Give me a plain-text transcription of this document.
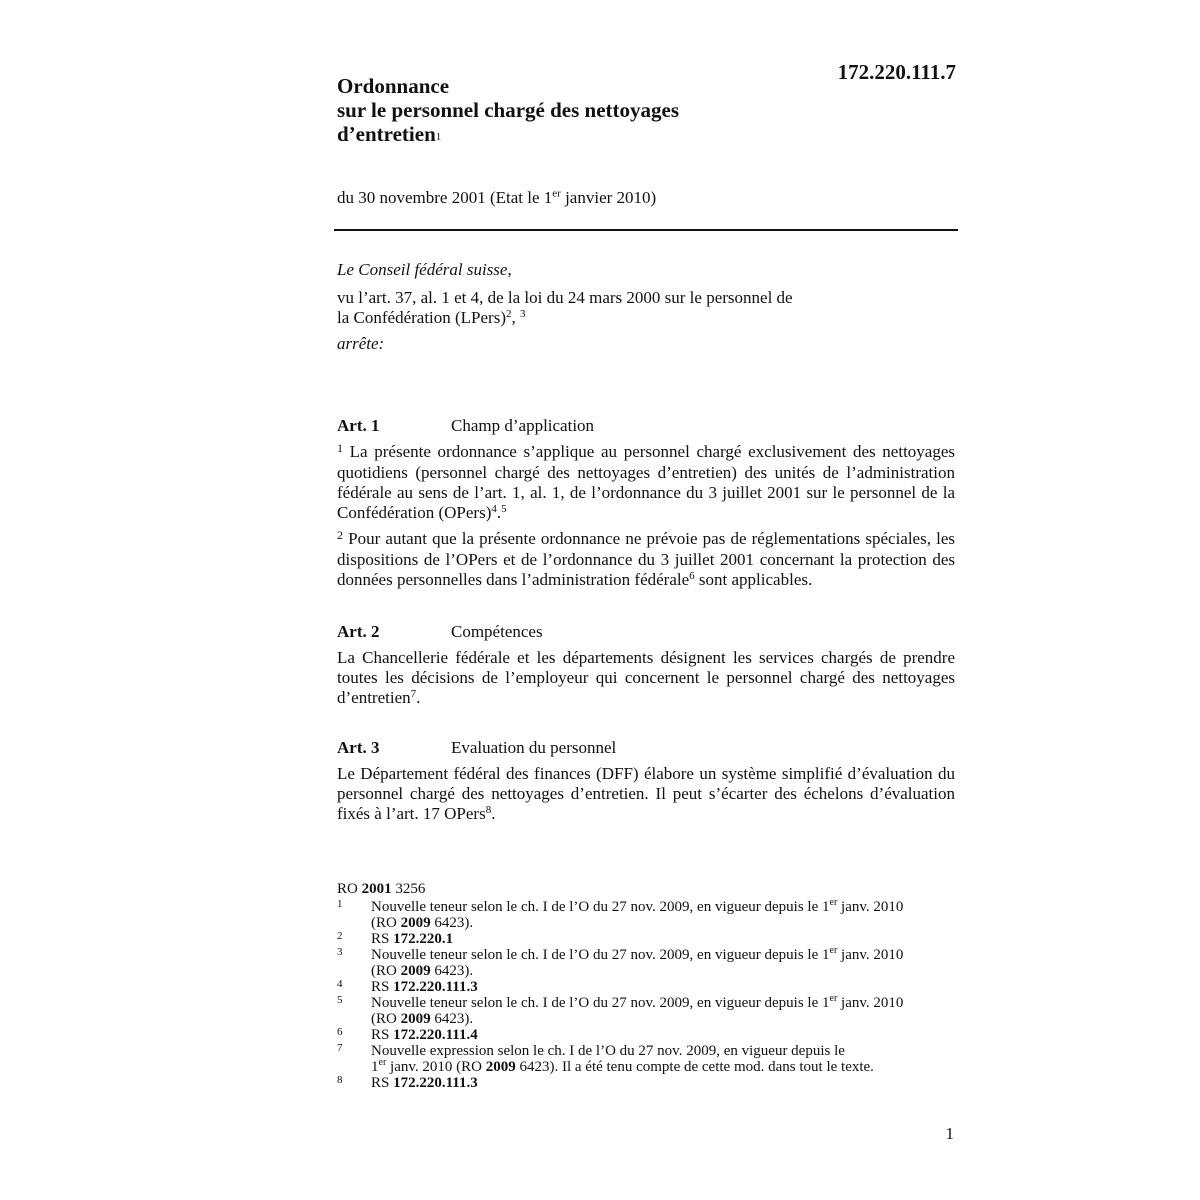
172.220.111.7
Ordonnance
sur le personnel chargé des nettoyages
d’entretien$^1$
du 30 novembre 2001 (Etat le 1er janvier 2010)
Le Conseil fédéral suisse,
vu l’art. 37, al. 1 et 4, de la loi du 24 mars 2000 sur le personnel de
la Confédération (LPers)$^2$, $^3$
arrête:
Art. 1	Champ d’application

$^1$ La présente ordonnance s’applique au personnel chargé exclusivement des nettoyages quotidiens (personnel chargé des nettoyages d’entretien) des unités de l’administration fédérale au sens de l’art. 1, al. 1, de l’ordonnance du 3 juillet 2001 sur le personnel de la Confédération (OPers)$^4$.$^5$

$^2$ Pour autant que la présente ordonnance ne prévoie pas de réglementations spéciales, les dispositions de l’OPers et de l’ordonnance du 3 juillet 2001 concernant la protection des données personnelles dans l’administration fédérale$^6$ sont applicables.

Art. 2	Compétences

La Chancellerie fédérale et les départements désignent les services chargés de prendre toutes les décisions de l’employeur qui concernent le personnel chargé des nettoyages d’entretien$^7$.

Art. 3	Evaluation du personnel

Le Département fédéral des finances (DFF) élabore un système simplifié d’évaluation du personnel chargé des nettoyages d’entretien. Il peut s’écarter des échelons d’évaluation fixés à l’art. 17 OPers$^8$.

RO 2001 3256
1	Nouvelle teneur selon le ch. I de l’O du 27 nov. 2009, en vigueur depuis le 1er janv. 2010
(RO 2009 6423).
2	RS 172.220.1
3	Nouvelle teneur selon le ch. I de l’O du 27 nov. 2009, en vigueur depuis le 1er janv. 2010
(RO 2009 6423).
4	RS 172.220.111.3
5	Nouvelle teneur selon le ch. I de l’O du 27 nov. 2009, en vigueur depuis le 1er janv. 2010
(RO 2009 6423).
6	RS 172.220.111.4
7	Nouvelle expression selon le ch. I de l’O du 27 nov. 2009, en vigueur depuis le
1er janv. 2010 (RO 2009 6423). Il a été tenu compte de cette mod. dans tout le texte.
8	RS 172.220.111.3
1
